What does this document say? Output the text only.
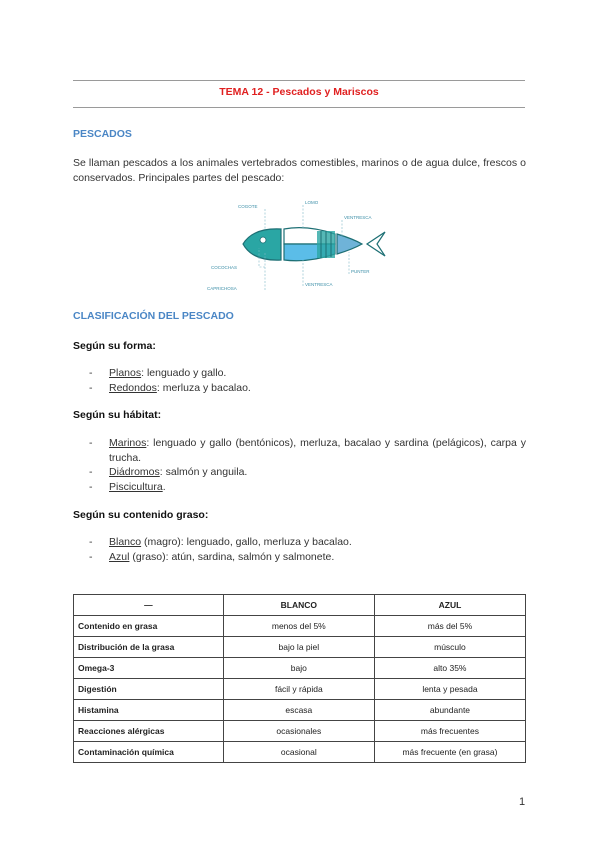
TEMA 12 - Pescados y Mariscos
PESCADOS
Se llaman pescados a los animales vertebrados comestibles, marinos o de agua dulce, frescos o conservados. Principales partes del pescado:
COGOTE
LOMO
VENTRESCA
COCOCHAS
CAPRICHOSA
PUNTER
VENTRESCA
CLASIFICACIÓN DEL PESCADO
Según su forma:
- Planos: lenguado y gallo.
- Redondos: merluza y bacalao.
Según su hábitat:
- Marinos: lenguado y gallo (bentónicos), merluza, bacalao y sardina (pelágicos), carpa y trucha.
- Diádromos: salmón y anguila.
- Piscicultura.
Según su contenido graso:
- Blanco (magro): lenguado, gallo, merluza y bacalao.
- Azul (graso): atún, sardina, salmón y salmonete.
—	BLANCO	AZUL
Contenido en grasa	menos del 5%	más del 5%
Distribución de la grasa	bajo la piel	músculo
Omega-3	bajo	alto 35%
Digestión	fácil y rápida	lenta y pesada
Histamina	escasa	abundante
Reacciones alérgicas	ocasionales	más frecuentes
Contaminación química	ocasional	más frecuente (en grasa)
1
